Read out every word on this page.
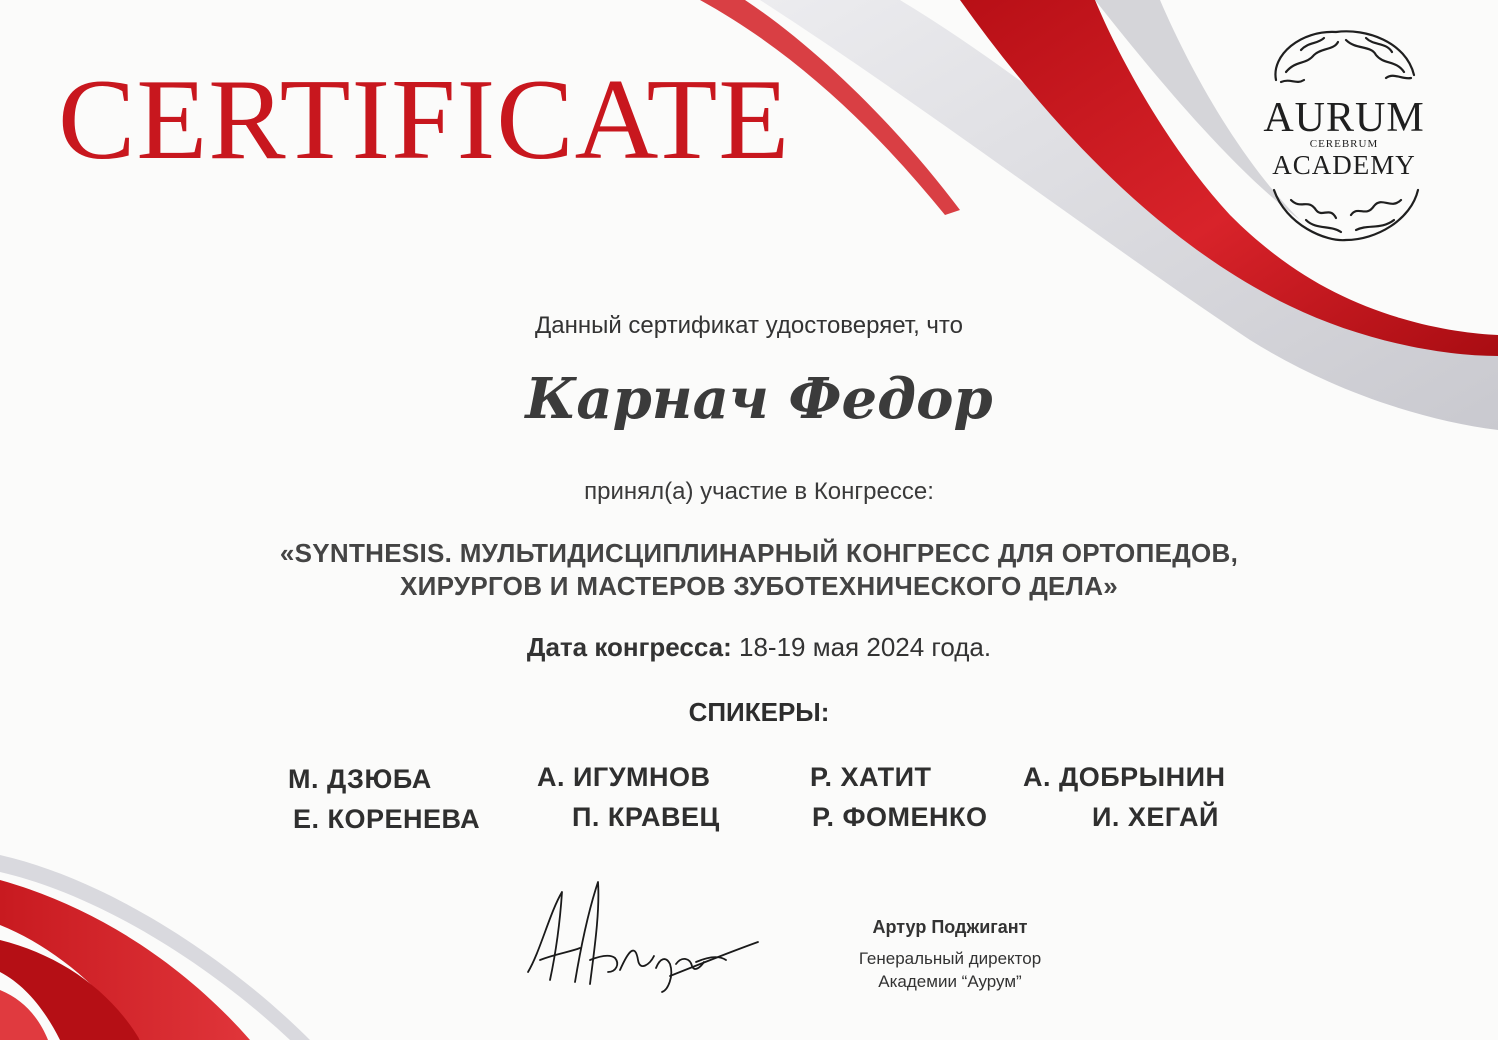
CERTIFICATE	AURUM
CEREBRUM
ACADEMY

Данный сертификат удостоверяет, что

Карнач Федор

принял(а) участие в Конгрессе:

«SYNTHESIS. МУЛЬТИДИСЦИПЛИНАРНЫЙ КОНГРЕСС ДЛЯ ОРТОПЕДОВ,
ХИРУРГОВ И МАСТЕРОВ ЗУБОТЕХНИЧЕСКОГО ДЕЛА»

Дата конгресса: 18-19 мая 2024 года.

СПИКЕРЫ:

М. ДЗЮБА	А. ИГУМНОВ	Р. ХАТИТ	А. ДОБРЫНИН
Е. КОРЕНЕВА	П. КРАВЕЦ	Р. ФОМЕНКО	И. ХЕГАЙ

Артур Поджигант

Генеральный директор

Академии “Аурум”
